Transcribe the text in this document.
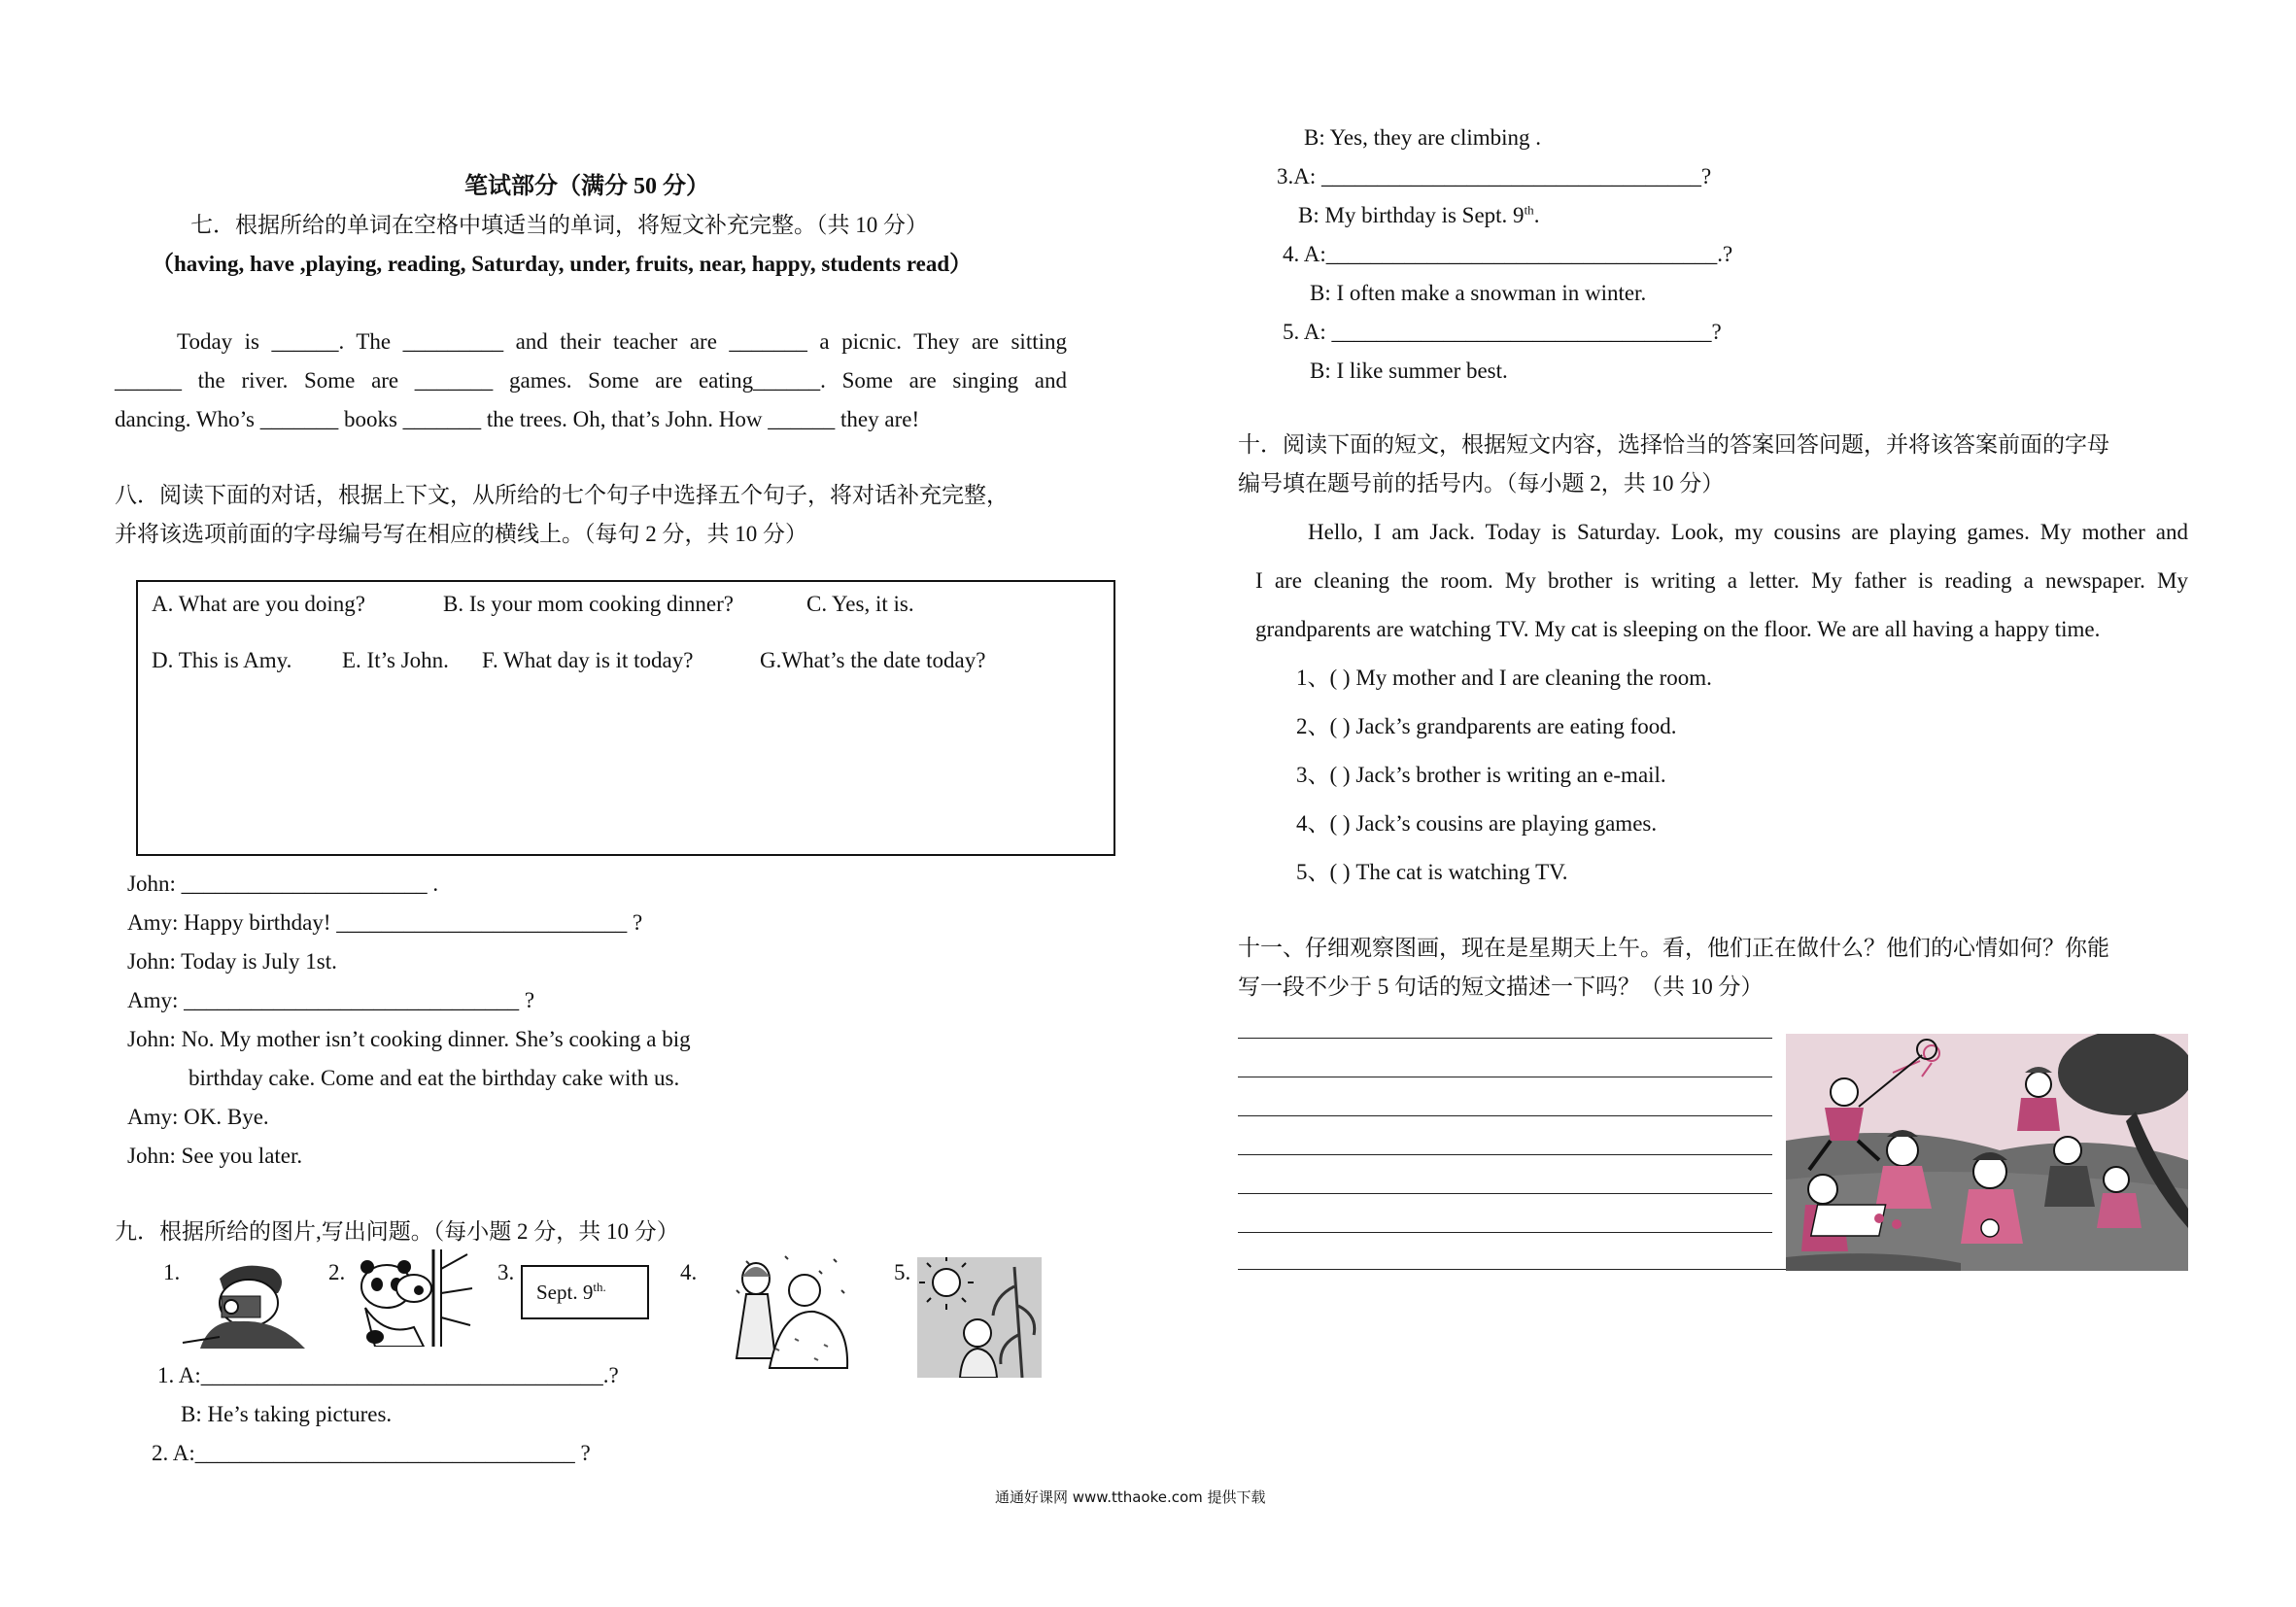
笔试部分（满分 50 分）
七．根据所给的单词在空格中填适当的单词，将短文补充完整。（共 10 分）
（having, have ,playing, reading, Saturday, under, fruits, near, happy, students read）
Today is ______. The _________ and their teacher are _______ a picnic. They are sitting
______ the river. Some are _______ games. Some are eating______. Some are singing and
dancing. Who’s _______ books _______ the trees. Oh, that’s John. How ______ they are!
八．阅读下面的对话，根据上下文，从所给的七个句子中选择五个句子，将对话补充完整，
并将该选项前面的字母编号写在相应的横线上。（每句 2 分，共 10 分）
A. What are you doing?	B. Is your mom cooking dinner?	C. Yes, it is.
D. This is Amy. E. It’s John. F. What day is it today?	G.What’s the date today?
John: ______________________ .
Amy: Happy birthday! __________________________ ?
John: Today is July 1st.
Amy: ______________________________ ?
John: No. My mother isn’t cooking dinner. She’s cooking a big
birthday cake. Come and eat the birthday cake with us.
Amy: OK. Bye.
John: See you later.
九．根据所给的图片,写出问题。（每小题 2 分，共 10 分）
1.	2.	3.	4.	5.
Sept. $9^{th.}$
1. A:____________________________________.?
B: He’s taking pictures.
2. A:__________________________________ ?
B: Yes, they are climbing .
3.A: __________________________________?
B: My birthday is Sept. 9th.
4. A:___________________________________.?
B: I often make a snowman in winter.
5. A: __________________________________?
B: I like summer best.
十．阅读下面的短文，根据短文内容，选择恰当的答案回答问题，并将该答案前面的字母
编号填在题号前的括号内。（每小题 2，共 10 分）
Hello, I am Jack. Today is Saturday. Look, my cousins are playing games. My mother and
I are cleaning the room. My brother is writing a letter. My father is reading a newspaper. My
grandparents are watching TV. My cat is sleeping on the floor. We are all having a happy time.
1、( ) My mother and I are cleaning the room.
2、( ) Jack’s grandparents are eating food.
3、( ) Jack’s brother is writing an e-mail.
4、( ) Jack’s cousins are playing games.
5、( ) The cat is watching TV.
十一、仔细观察图画，现在是星期天上午。看，他们正在做什么？他们的心情如何？你能
写一段不少于 5 句话的短文描述一下吗？（共 10 分）
通通好课网 www.tthaoke.com 提供下载
